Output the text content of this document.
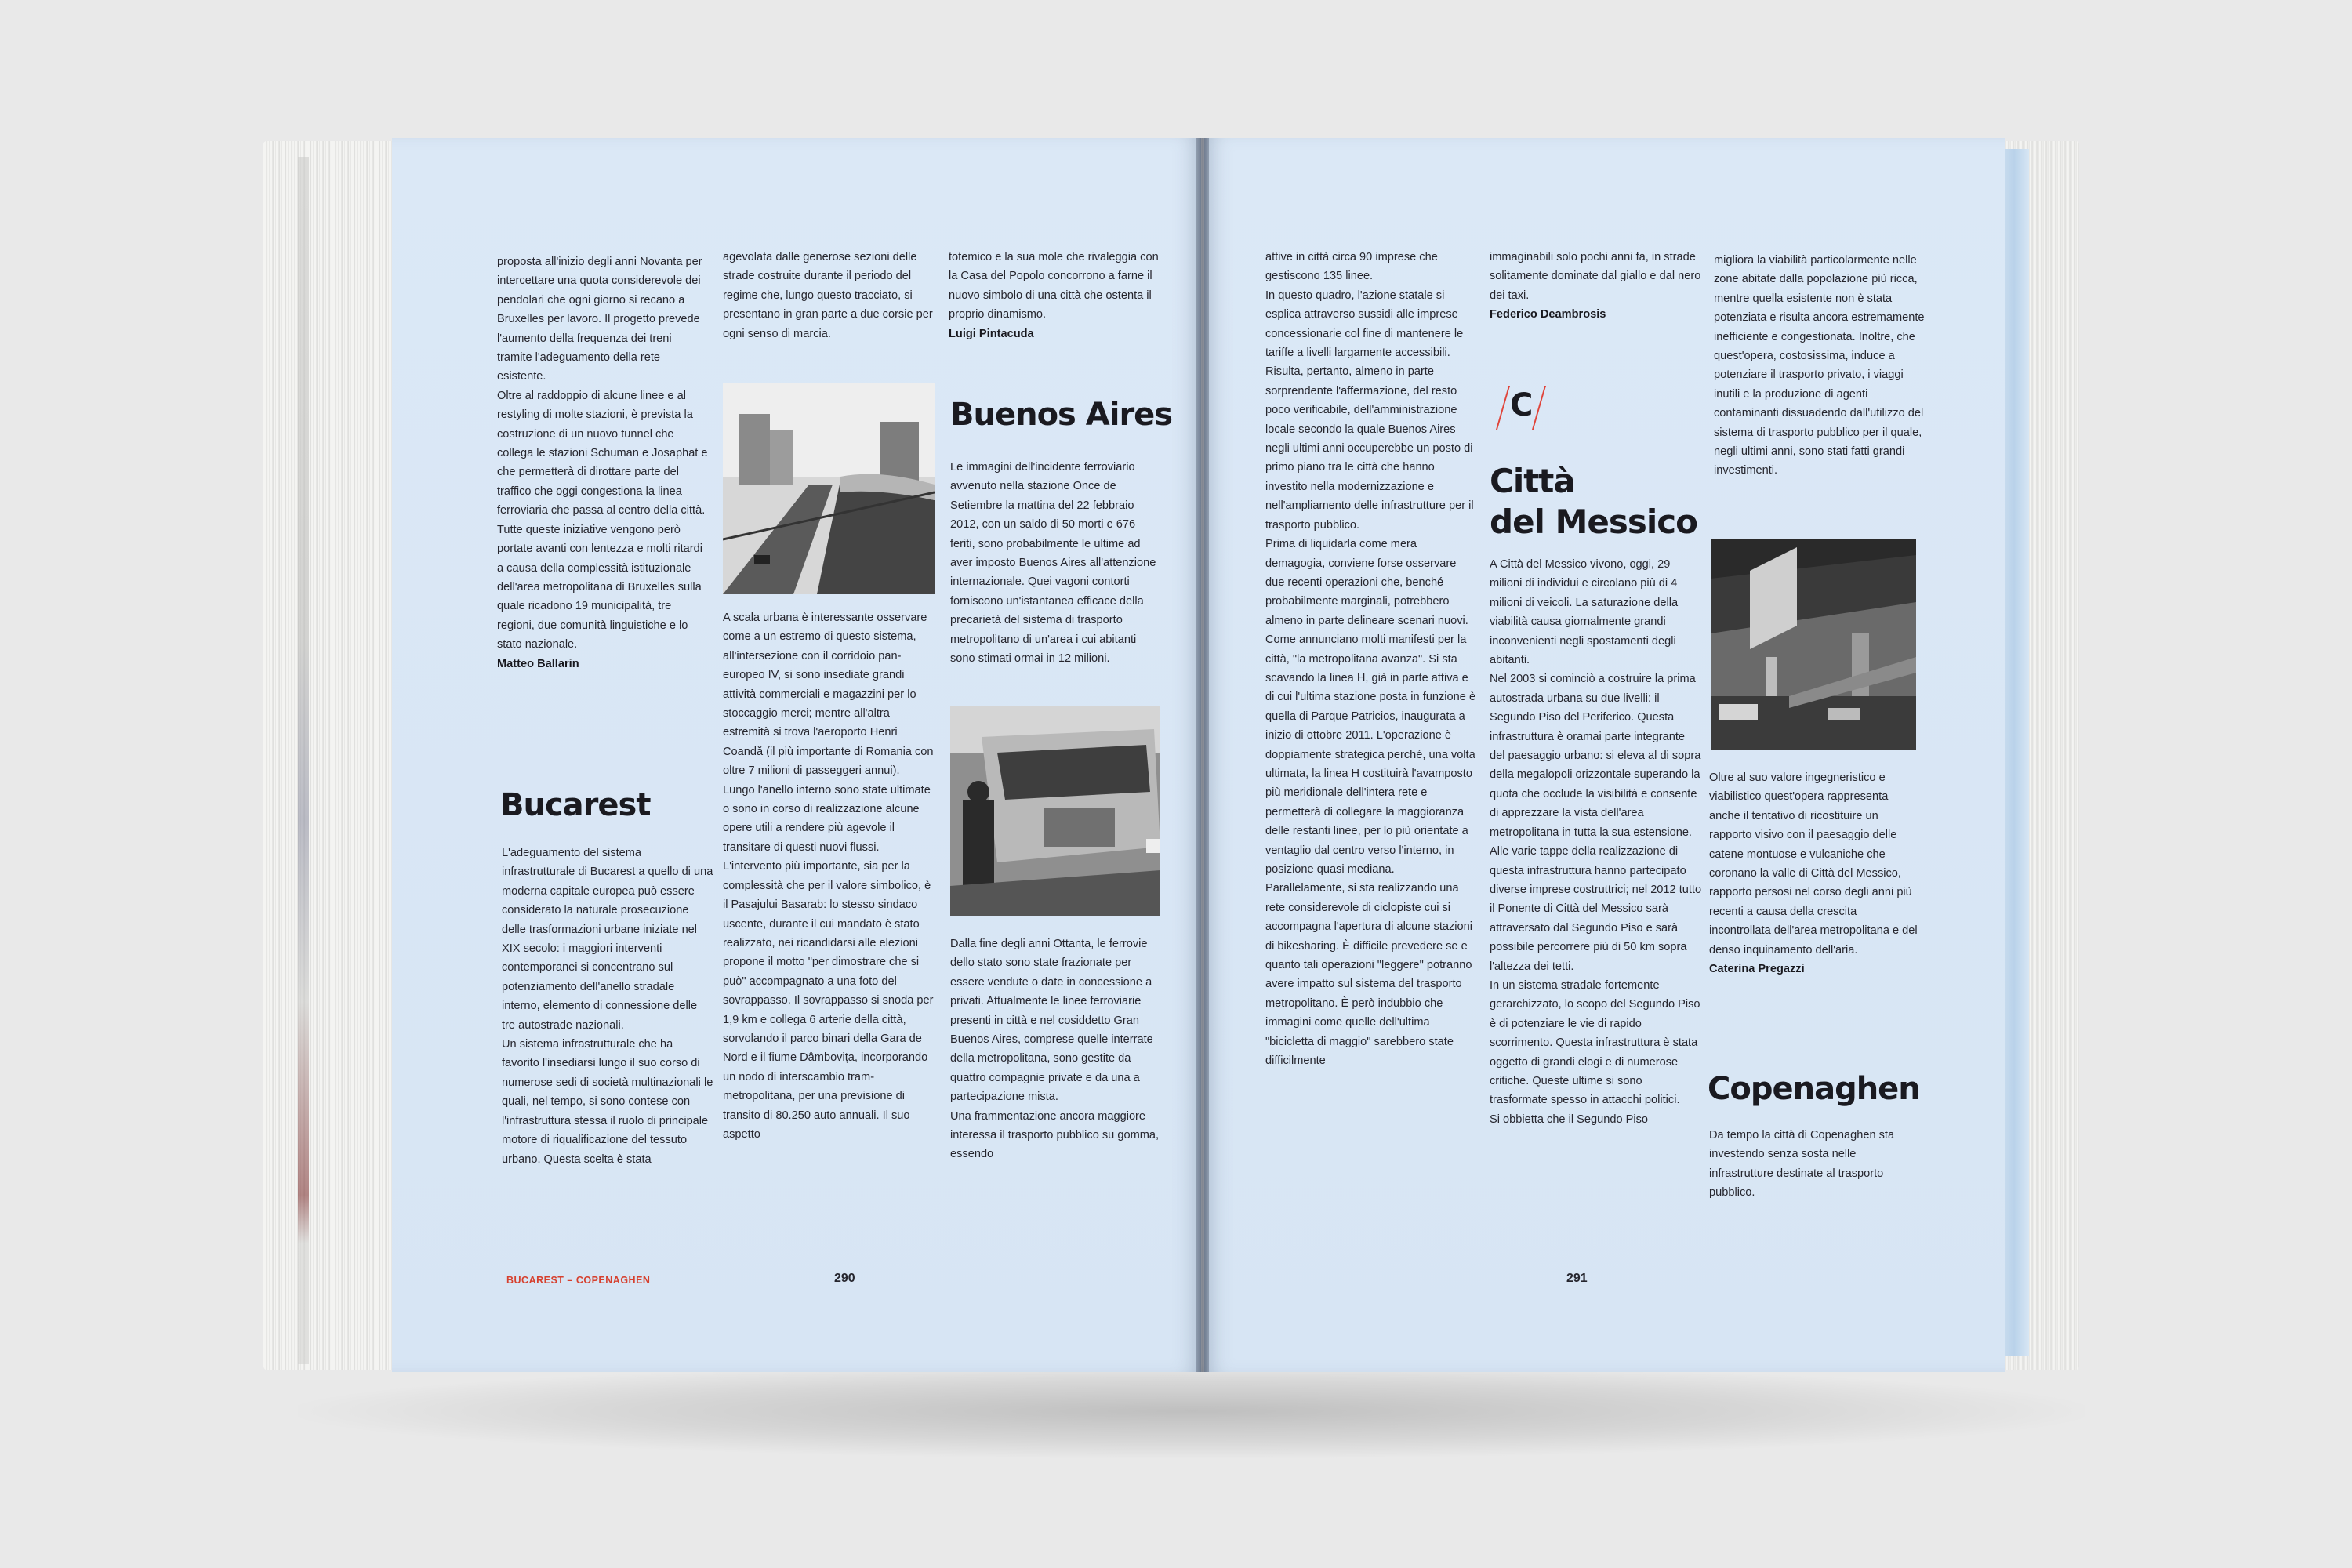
proposta all'inizio degli anni Novanta per intercettare una quota considerevole dei pendolari che ogni giorno si recano a Bruxelles per lavoro. Il progetto prevede l'aumento della frequenza dei treni tramite l'adeguamento della rete esistente.

Oltre al raddoppio di alcune linee e al restyling di molte stazioni, è prevista la costruzione di un nuovo tunnel che collega le stazioni Schuman e Josaphat e che permetterà di dirottare parte del traffico che oggi congestiona la linea ferroviaria che passa al centro della città.

Tutte queste iniziative vengono però portate avanti con lentezza e molti ritardi a causa della complessità istituzionale dell'area metropolitana di Bruxelles sulla quale ricadono 19 municipalità, tre regioni, due comunità linguistiche e lo stato nazionale.

Matteo Ballarin

Bucarest

L'adeguamento del sistema infrastrutturale di Bucarest a quello di una moderna capitale europea può essere considerato la naturale prosecuzione delle trasformazioni urbane iniziate nel XIX secolo: i maggiori interventi contemporanei si concentrano sul potenziamento dell'anello stradale interno, elemento di connessione delle tre autostrade nazionali.

Un sistema infrastrutturale che ha favorito l'insediarsi lungo il suo corso di numerose sedi di società multinazionali le quali, nel tempo, si sono contese con l'infrastruttura stessa il ruolo di principale motore di riqualificazione del tessuto urbano. Questa scelta è stata

agevolata dalle generose sezioni delle strade costruite durante il periodo del regime che, lungo questo tracciato, si presentano in gran parte a due corsie per ogni senso di marcia.

A scala urbana è interessante osservare come a un estremo di questo sistema, all'intersezione con il corridoio pan-europeo IV, si sono insediate grandi attività commerciali e magazzini per lo stoccaggio merci; mentre all'altra estremità si trova l'aeroporto Henri Coandă (il più importante di Romania con oltre 7 milioni di passeggeri annui). Lungo l'anello interno sono state ultimate o sono in corso di realizzazione alcune opere utili a rendere più agevole il transitare di questi nuovi flussi.

L'intervento più importante, sia per la complessità che per il valore simbolico, è il Pasajului Basarab: lo stesso sindaco uscente, durante il cui mandato è stato realizzato, nei ricandidarsi alle elezioni propone il motto "per dimostrare che si può" accompagnato a una foto del sovrappasso. Il sovrappasso si snoda per 1,9 km e collega 6 arterie della città, sorvolando il parco binari della Gara de Nord e il fiume Dâmbovița, incorporando un nodo di interscambio tram-metropolitana, per una previsione di transito di 80.250 auto annuali. Il suo aspetto

totemico e la sua mole che rivaleggia con la Casa del Popolo concorrono a farne il nuovo simbolo di una città che ostenta il proprio dinamismo.

Luigi Pintacuda

Buenos Aires

Le immagini dell'incidente ferroviario avvenuto nella stazione Once de Setiembre la mattina del 22 febbraio 2012, con un saldo di 50 morti e 676 feriti, sono probabilmente le ultime ad aver imposto Buenos Aires all'attenzione internazionale. Quei vagoni contorti forniscono un'istantanea efficace della precarietà del sistema di trasporto metropolitano di un'area i cui abitanti sono stimati ormai in 12 milioni.

Dalla fine degli anni Ottanta, le ferrovie dello stato sono state frazionate per essere vendute o date in concessione a privati. Attualmente le linee ferroviarie presenti in città e nel cosiddetto Gran Buenos Aires, comprese quelle interrate della metropolitana, sono gestite da quattro compagnie private e da una a partecipazione mista.

Una frammentazione ancora maggiore interessa il trasporto pubblico su gomma, essendo

attive in città circa 90 imprese che gestiscono 135 linee.

In questo quadro, l'azione statale si esplica attraverso sussidi alle imprese concessionarie col fine di mantenere le tariffe a livelli largamente accessibili.

Risulta, pertanto, almeno in parte sorprendente l'affermazione, del resto poco verificabile, dell'amministrazione locale secondo la quale Buenos Aires negli ultimi anni occuperebbe un posto di primo piano tra le città che hanno investito nella modernizzazione e nell'ampliamento delle infrastrutture per il trasporto pubblico.

Prima di liquidarla come mera demagogia, conviene forse osservare due recenti operazioni che, benché probabilmente marginali, potrebbero almeno in parte delineare scenari nuovi.

Come annunciano molti manifesti per la città, "la metropolitana avanza". Si sta scavando la linea H, già in parte attiva e di cui l'ultima stazione posta in funzione è quella di Parque Patricios, inaugurata a inizio di ottobre 2011. L'operazione è doppiamente strategica perché, una volta ultimata, la linea H costituirà l'avamposto più meridionale dell'intera rete e permetterà di collegare la maggioranza delle restanti linee, per lo più orientate a ventaglio dal centro verso l'interno, in posizione quasi mediana.

Parallelamente, si sta realizzando una rete considerevole di ciclopiste cui si accompagna l'apertura di alcune stazioni di bikesharing. È difficile prevedere se e quanto tali operazioni "leggere" potranno avere impatto sul sistema del trasporto metropolitano. È però indubbio che immagini come quelle dell'ultima "bicicletta di maggio" sarebbero state difficilmente

immaginabili solo pochi anni fa, in strade solitamente dominate dal giallo e dal nero dei taxi.

Federico Deambrosis

C
Città
del Messico

A Città del Messico vivono, oggi, 29 milioni di individui e circolano più di 4 milioni di veicoli. La saturazione della viabilità causa giornalmente grandi inconvenienti negli spostamenti degli abitanti.

Nel 2003 si cominciò a costruire la prima autostrada urbana su due livelli: il Segundo Piso del Periferico. Questa infrastruttura è oramai parte integrante del paesaggio urbano: si eleva al di sopra della megalopoli orizzontale superando la quota che occlude la visibilità e consente di apprezzare la vista dell'area metropolitana in tutta la sua estensione.

Alle varie tappe della realizzazione di questa infrastruttura hanno partecipato diverse imprese costruttrici; nel 2012 tutto il Ponente di Città del Messico sarà attraversato dal Segundo Piso e sarà possibile percorrere più di 50 km sopra l'altezza dei tetti.

In un sistema stradale fortemente gerarchizzato, lo scopo del Segundo Piso è di potenziare le vie di rapido scorrimento. Questa infrastruttura è stata oggetto di grandi elogi e di numerose critiche. Queste ultime si sono trasformate spesso in attacchi politici.

Si obbietta che il Segundo Piso

migliora la viabilità particolarmente nelle zone abitate dalla popolazione più ricca, mentre quella esistente non è stata potenziata e risulta ancora estremamente inefficiente e congestionata. Inoltre, che quest'opera, costosissima, induce a potenziare il trasporto privato, i viaggi inutili e la produzione di agenti contaminanti dissuadendo dall'utilizzo del sistema di trasporto pubblico per il quale, negli ultimi anni, sono stati fatti grandi investimenti.

Oltre al suo valore ingegneristico e viabilistico quest'opera rappresenta anche il tentativo di ricostituire un rapporto visivo con il paesaggio delle catene montuose e vulcaniche che coronano la valle di Città del Messico, rapporto persosi nel corso degli anni più recenti a causa della crescita incontrollata dell'area metropolitana e del denso inquinamento dell'aria.

Caterina Pregazzi

Copenaghen

Da tempo la città di Copenaghen sta investendo senza sosta nelle infrastrutture destinate al trasporto pubblico.

BUCAREST – COPENAGHEN	290	291
